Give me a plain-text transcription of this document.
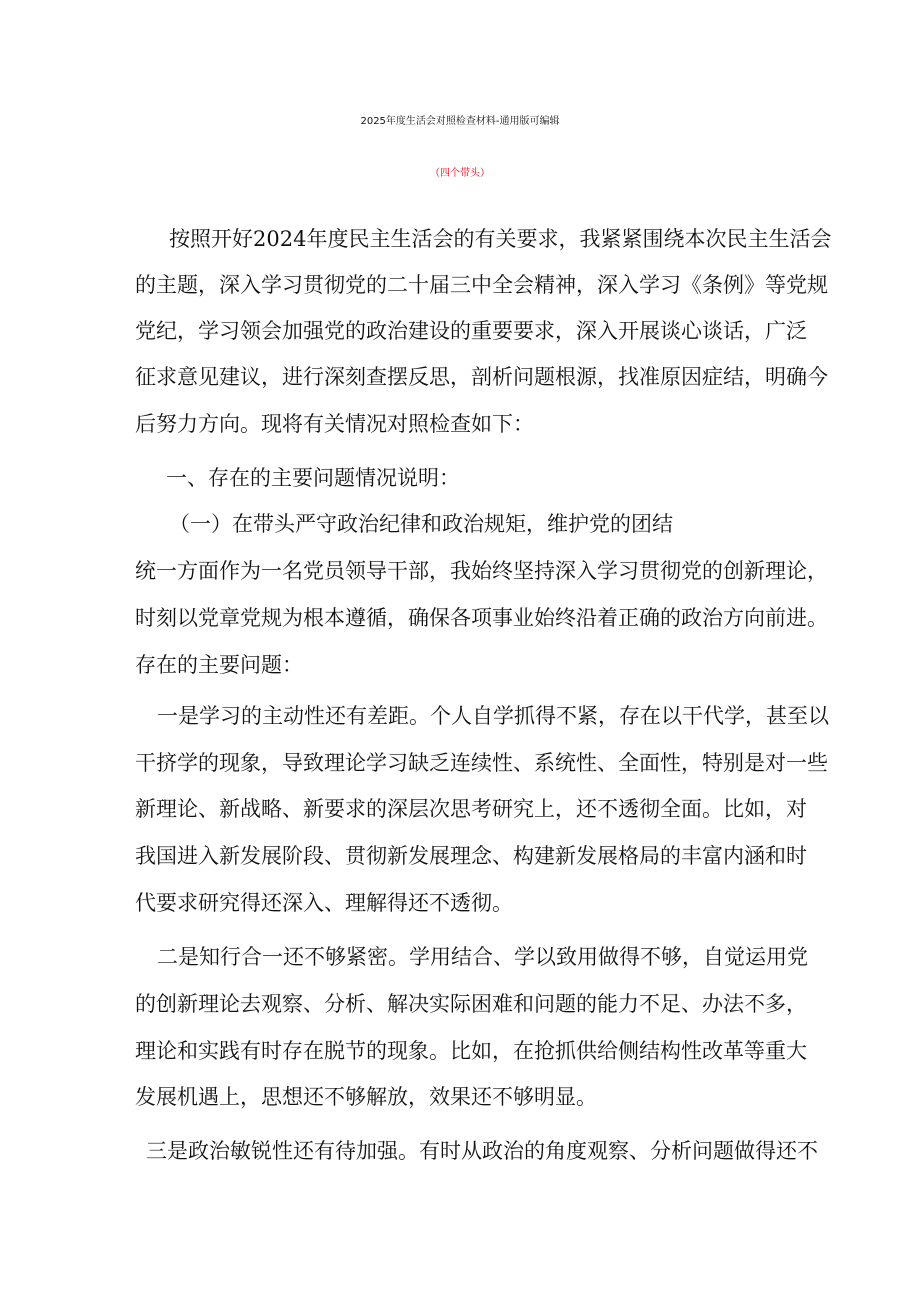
2025年度生活会对照检查材料-通用版可编辑
（四个带头）
按照开好2024年度民主生活会的有关要求，我紧紧围绕本次民主生活会
的主题，深入学习贯彻党的二十届三中全会精神，深入学习《条例》等党规
党纪，学习领会加强党的政治建设的重要要求，深入开展谈心谈话，广泛
征求意见建议，进行深刻查摆反思，剖析问题根源，找准原因症结，明确今
后努力方向。现将有关情况对照检查如下：
一、存在的主要问题情况说明：
（一）在带头严守政治纪律和政治规矩，维护党的团结
统一方面作为一名党员领导干部，我始终坚持深入学习贯彻党的创新理论，
时刻以党章党规为根本遵循，确保各项事业始终沿着正确的政治方向前进。
存在的主要问题：
一是学习的主动性还有差距。个人自学抓得不紧，存在以干代学，甚至以
干挤学的现象，导致理论学习缺乏连续性、系统性、全面性，特别是对一些
新理论、新战略、新要求的深层次思考研究上，还不透彻全面。比如，对
我国进入新发展阶段、贯彻新发展理念、构建新发展格局的丰富内涵和时
代要求研究得还深入、理解得还不透彻。
二是知行合一还不够紧密。学用结合、学以致用做得不够，自觉运用党
的创新理论去观察、分析、解决实际困难和问题的能力不足、办法不多，
理论和实践有时存在脱节的现象。比如，在抢抓供给侧结构性改革等重大
发展机遇上，思想还不够解放，效果还不够明显。
三是政治敏锐性还有待加强。有时从政治的角度观察、分析问题做得还不
